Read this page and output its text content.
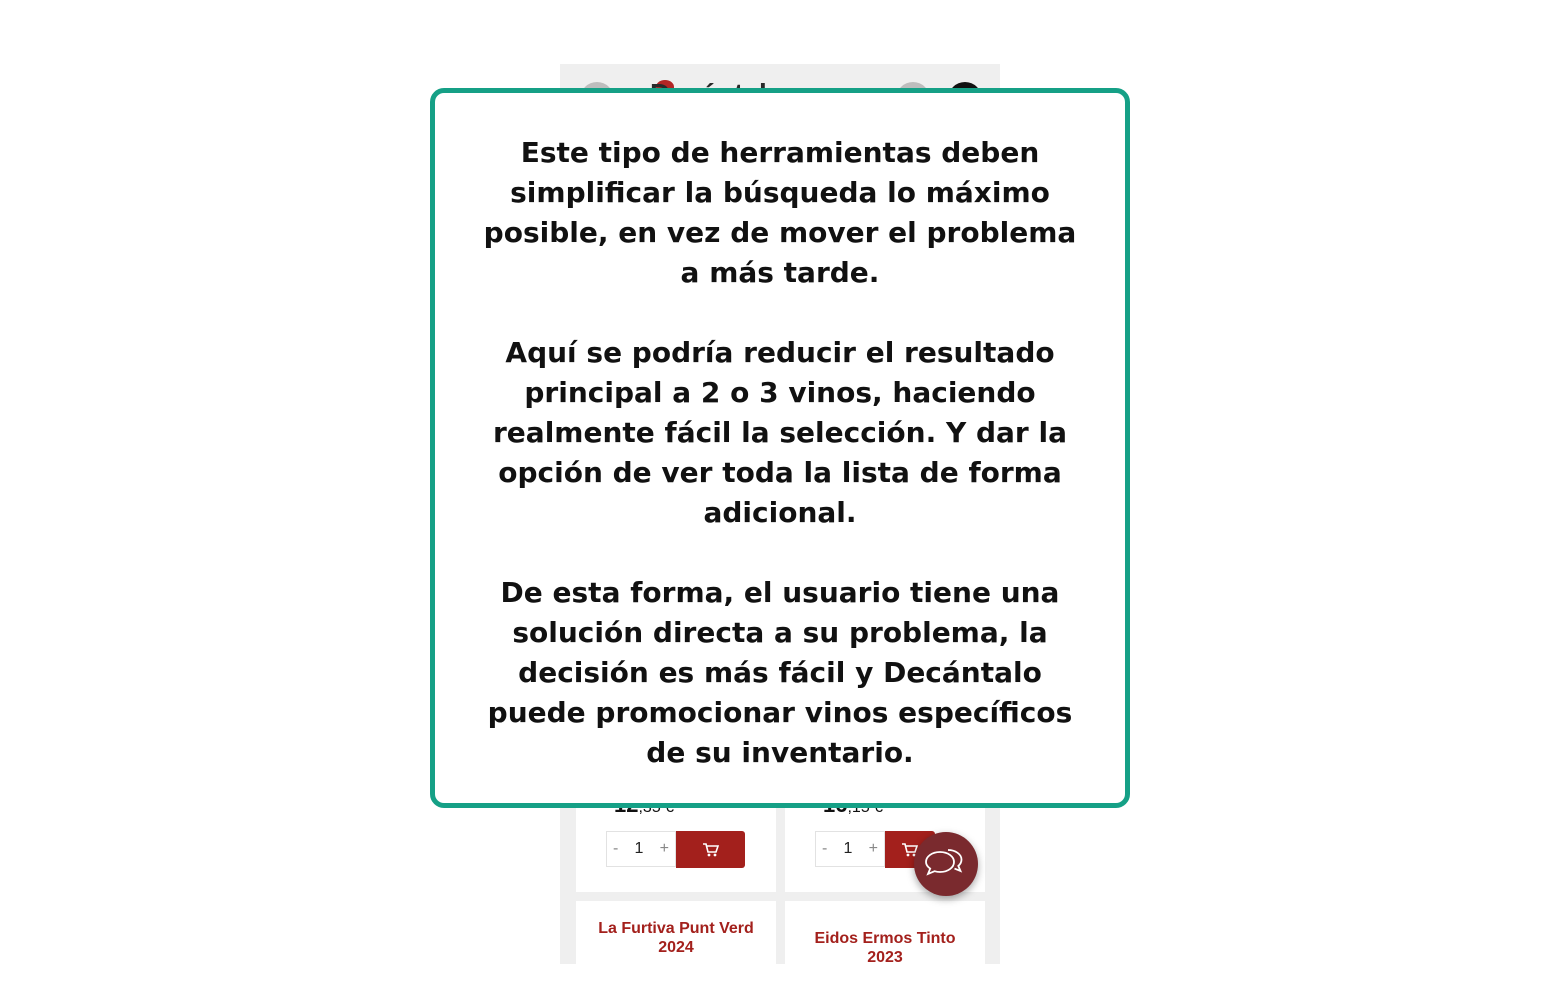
- 1 +	- 1 +
La Furtiva Punt Verd 2024
Eidos Ermos Tinto 2023

Este tipo de herramientas deben simplificar la búsqueda lo máximo posible, en vez de mover el problema a más tarde.

Aquí se podría reducir el resultado principal a 2 o 3 vinos, haciendo realmente fácil la selección. Y dar la opción de ver toda la lista de forma adicional.

De esta forma, el usuario tiene una solución directa a su problema, la decisión es más fácil y Decántalo puede promocionar vinos específicos de su inventario.
